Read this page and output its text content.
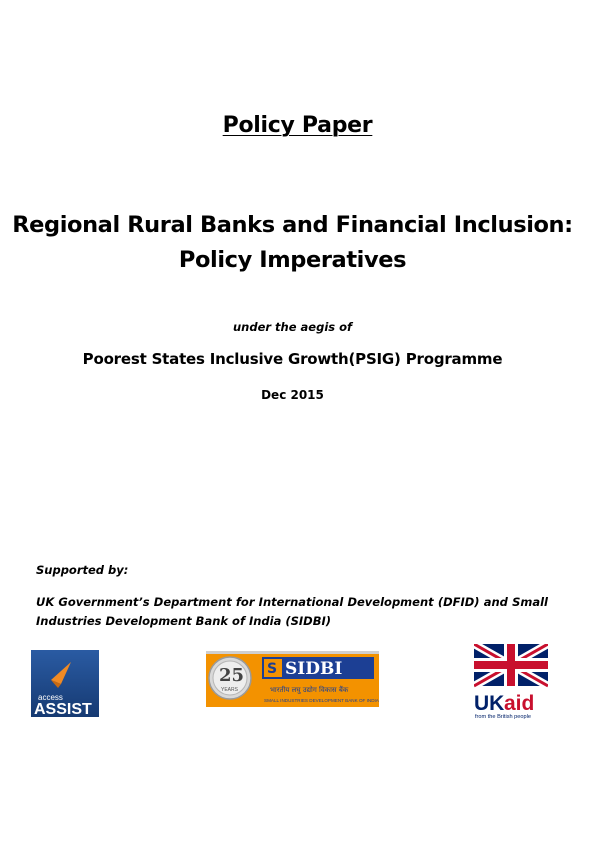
Policy Paper
Regional Rural Banks and Financial Inclusion:
Policy Imperatives
under the aegis of
Poorest States Inclusive Growth(PSIG) Programme
Dec 2015
Supported by:
UK Government’s Department for International Development (DFID) and Small Industries Development Bank of India (SIDBI)
access
ASSIST
25
YEARS
S SIDBI
भारतीय लघु उद्योग विकास बैंक
SMALL INDUSTRIES DEVELOPMENT BANK OF INDIA	UK aid
from the British people
